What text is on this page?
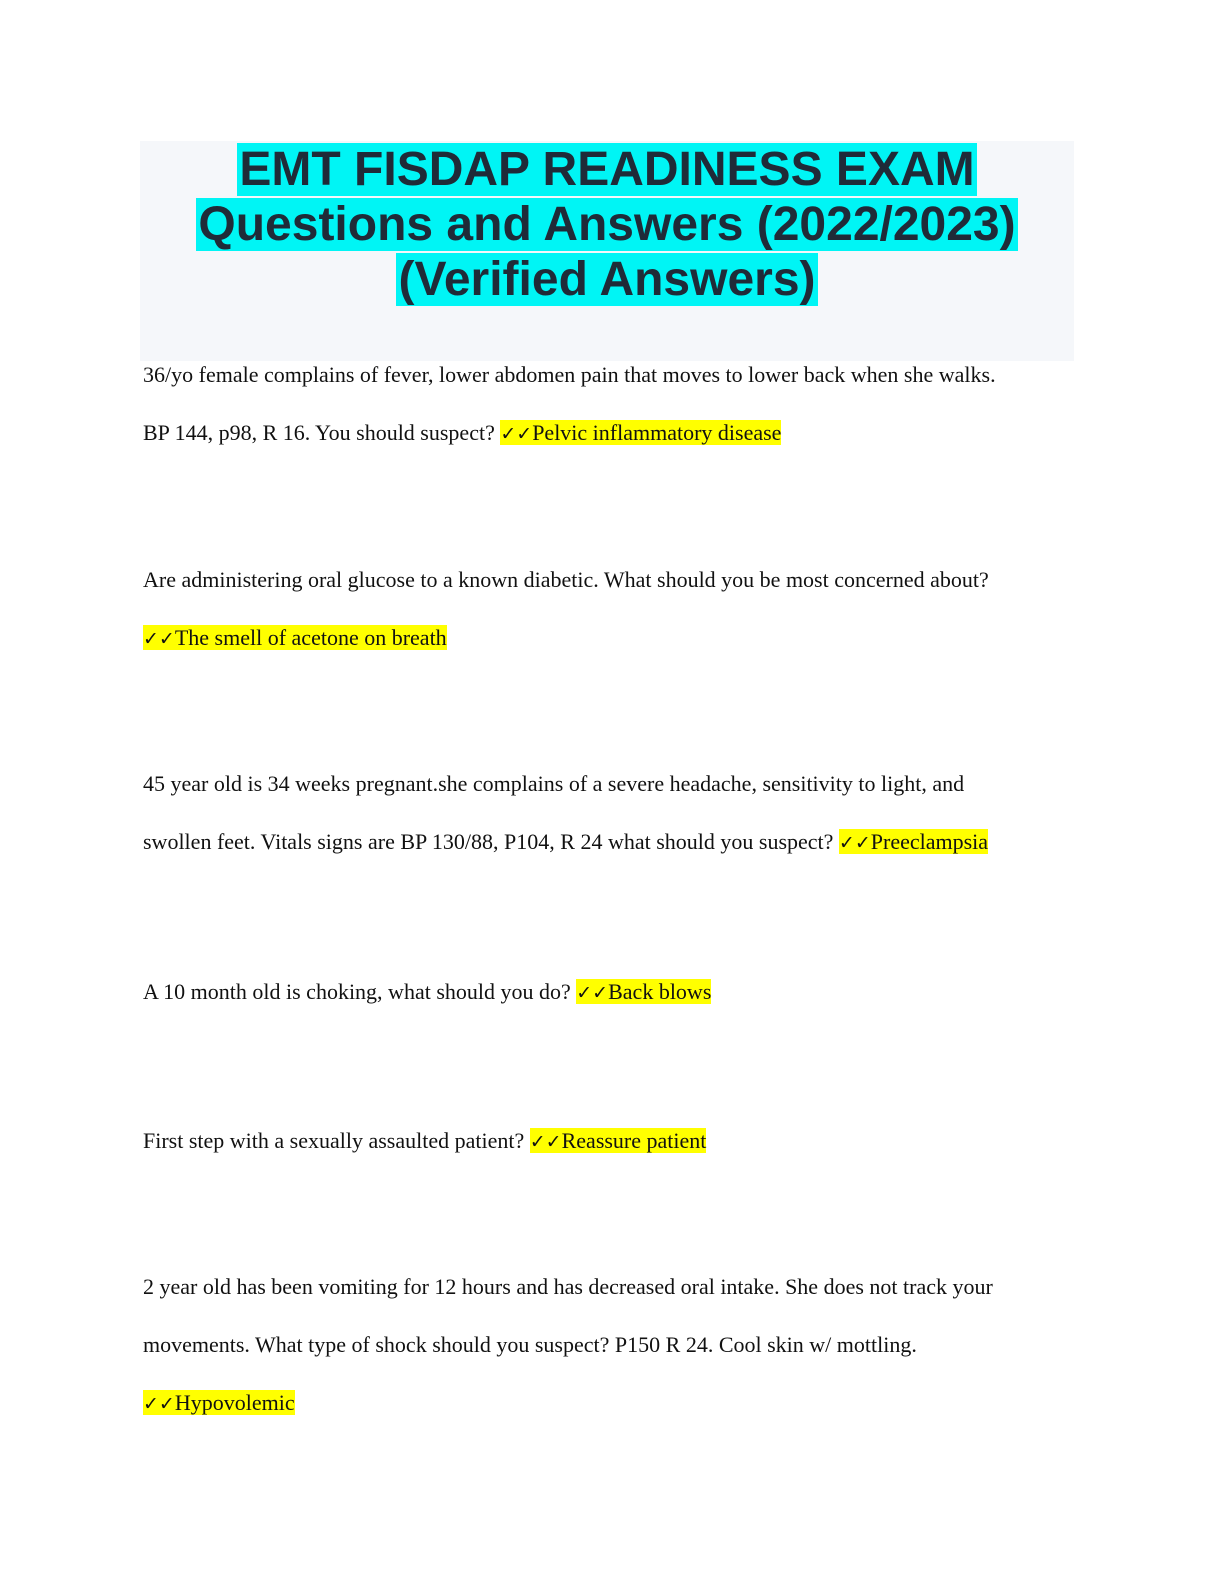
EMT FISDAP READINESS EXAM
Questions and Answers (2022/2023)
(Verified Answers)
36/yo female complains of fever, lower abdomen pain that moves to lower back when she walks.
BP 144, p98, R 16. You should suspect? ✓✓Pelvic inflammatory disease
Are administering oral glucose to a known diabetic. What should you be most concerned about?
✓✓The smell of acetone on breath
45 year old is 34 weeks pregnant.she complains of a severe headache, sensitivity to light, and
swollen feet. Vitals signs are BP 130/88, P104, R 24 what should you suspect? ✓✓Preeclampsia
A 10 month old is choking, what should you do? ✓✓Back blows
First step with a sexually assaulted patient? ✓✓Reassure patient
2 year old has been vomiting for 12 hours and has decreased oral intake. She does not track your
movements. What type of shock should you suspect? P150 R 24. Cool skin w/ mottling.
✓✓Hypovolemic
